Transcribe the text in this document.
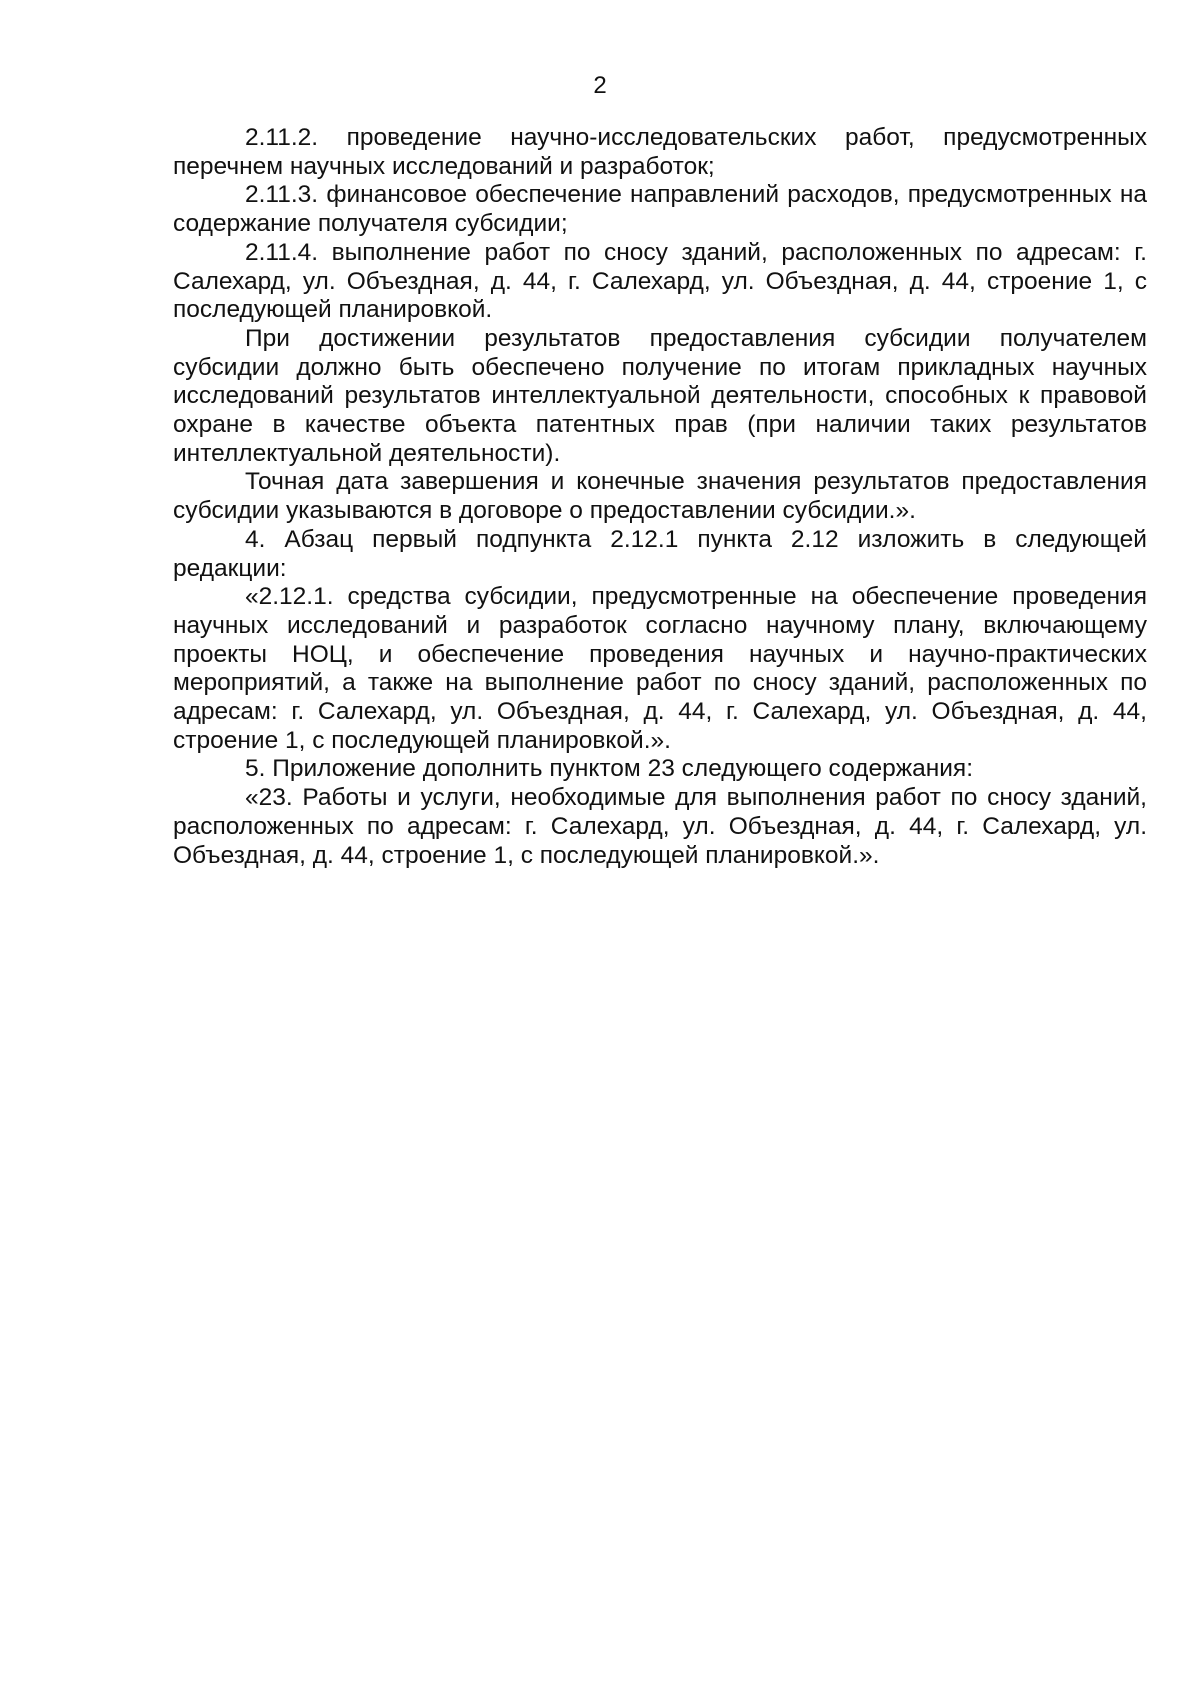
2

2.11.2. проведение научно-исследовательских работ, предусмотренных перечнем научных исследований и разработок;

2.11.3. финансовое обеспечение направлений расходов, предусмотренных на содержание получателя субсидии;

2.11.4. выполнение работ по сносу зданий, расположенных по адресам: г. Салехард, ул. Объездная, д. 44, г. Салехард, ул. Объездная, д. 44, строение 1, с последующей планировкой.

При достижении результатов предоставления субсидии получателем субсидии должно быть обеспечено получение по итогам прикладных научных исследований результатов интеллектуальной деятельности, способных к правовой охране в качестве объекта патентных прав (при наличии таких результатов интеллектуальной деятельности).

Точная дата завершения и конечные значения результатов предоставления субсидии указываются в договоре о предоставлении субсидии.».

4. Абзац первый подпункта 2.12.1 пункта 2.12 изложить в следующей редакции:

«2.12.1. средства субсидии, предусмотренные на обеспечение проведения научных исследований и разработок согласно научному плану, включающему проекты НОЦ, и обеспечение проведения научных и научно-практических мероприятий, а также на выполнение работ по сносу зданий, расположенных по адресам: г. Салехард, ул. Объездная, д. 44, г. Салехард, ул. Объездная, д. 44, строение 1, с последующей планировкой.».

5. Приложение дополнить пунктом 23 следующего содержания:

«23. Работы и услуги, необходимые для выполнения работ по сносу зданий, расположенных по адресам: г. Салехард, ул. Объездная, д. 44, г. Салехард, ул. Объездная, д. 44, строение 1, с последующей планировкой.».
